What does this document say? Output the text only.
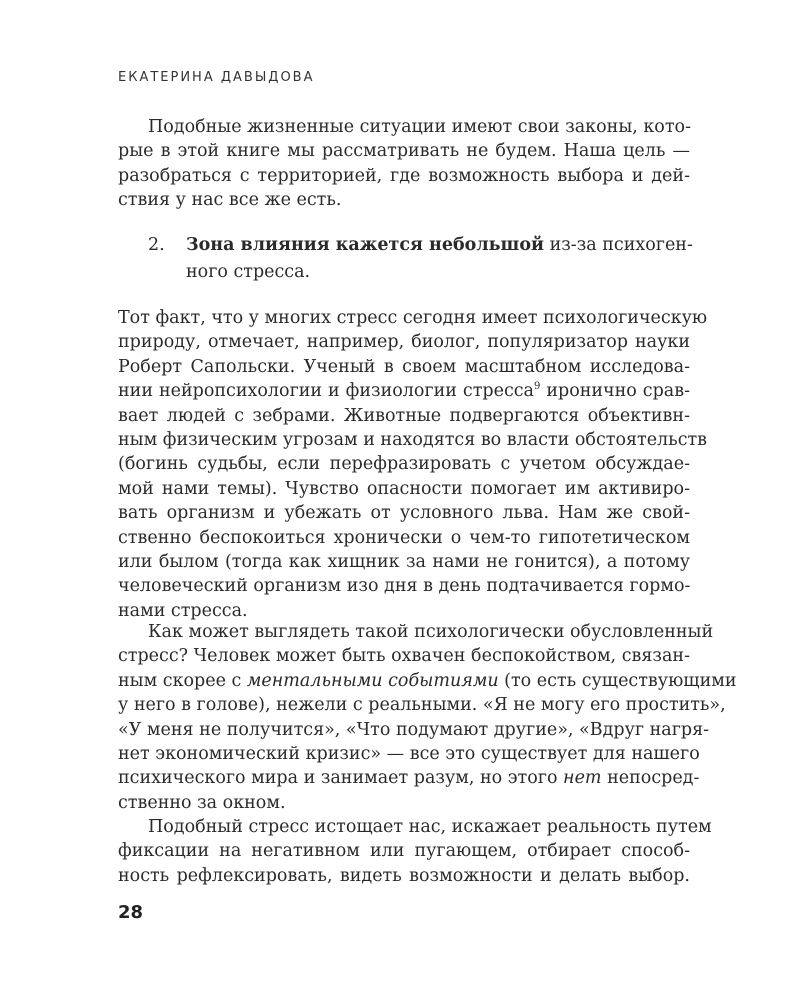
ЕКАТЕРИНА ДАВЫДОВА
Подобные жизненные ситуации имеют свои законы, кото-
рые в этой книге мы рассматривать не будем. Наша цель —
разобраться с территорией, где возможность выбора и дей-
ствия у нас все же есть.
2. Зона влияния кажется небольшой из-за психоген-
ного стресса.
Тот факт, что у многих стресс сегодня имеет психологическую
природу, отмечает, например, биолог, популяризатор науки
Роберт Сапольски. Ученый в своем масштабном исследова-
нии нейропсихологии и физиологии стресса$^9$ иронично срав-
вает людей с зебрами. Животные подвергаются объективн-
ным физическим угрозам и находятся во власти обстоятельств
(богинь судьбы, если перефразировать с учетом обсуждае-
мой нами темы). Чувство опасности помогает им активиро-
вать организм и убежать от условного льва. Нам же свой-
ственно беспокоиться хронически о чем-то гипотетическом
или былом (тогда как хищник за нами не гонится), а потому
человеческий организм изо дня в день подтачивается гормо-
нами стресса.
Как может выглядеть такой психологически обусловленный
стресс? Человек может быть охвачен беспокойством, связан-
ным скорее с ментальными событиями (то есть существующими
у него в голове), нежели с реальными. «Я не могу его простить»,
«У меня не получится», «Что подумают другие», «Вдруг нагря-
нет экономический кризис» — все это существует для нашего
психического мира и занимает разум, но этого нет непосред-
ственно за окном.
Подобный стресс истощает нас, искажает реальность путем
фиксации на негативном или пугающем, отбирает способ-
ность рефлексировать, видеть возможности и делать выбор.
28
